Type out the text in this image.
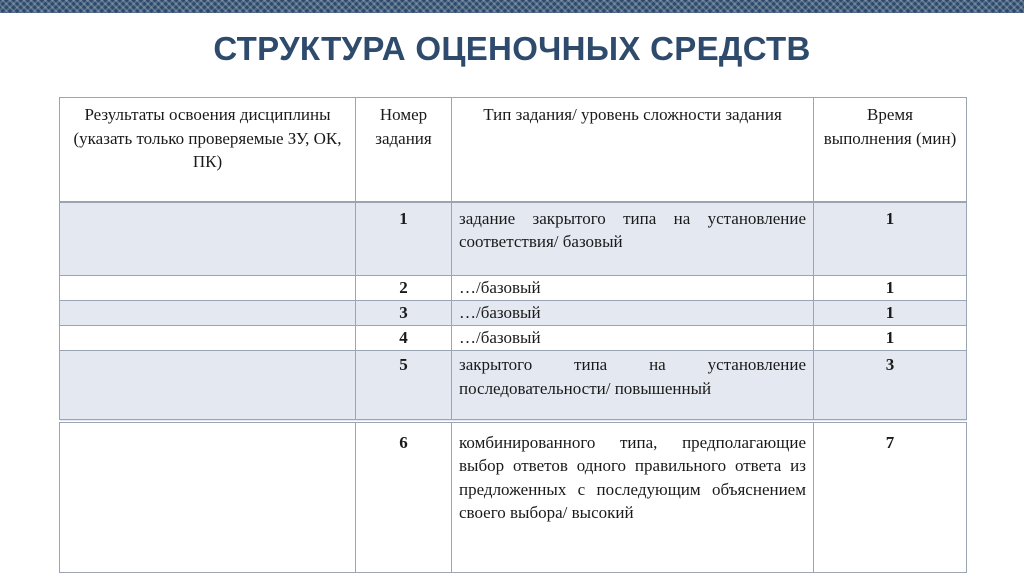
СТРУКТУРА ОЦЕНОЧНЫХ СРЕДСТВ
Результаты освоения дисциплины (указать только проверяемые ЗУ, ОК, ПК)	Номер задания	Тип задания/ уровень сложности задания	Время выполнения (мин)
	1	задание закрытого типа на установление соответствия/ базовый	1
	2	…/базовый	1
	3	…/базовый	1
	4	…/базовый	1
	5	закрытого типа на установление последовательности/ повышенный	3
	6	комбинированного типа, предполагающие выбор ответов одного правильного ответа из предложенных с последующим объяснением своего выбора/ высокий	7
